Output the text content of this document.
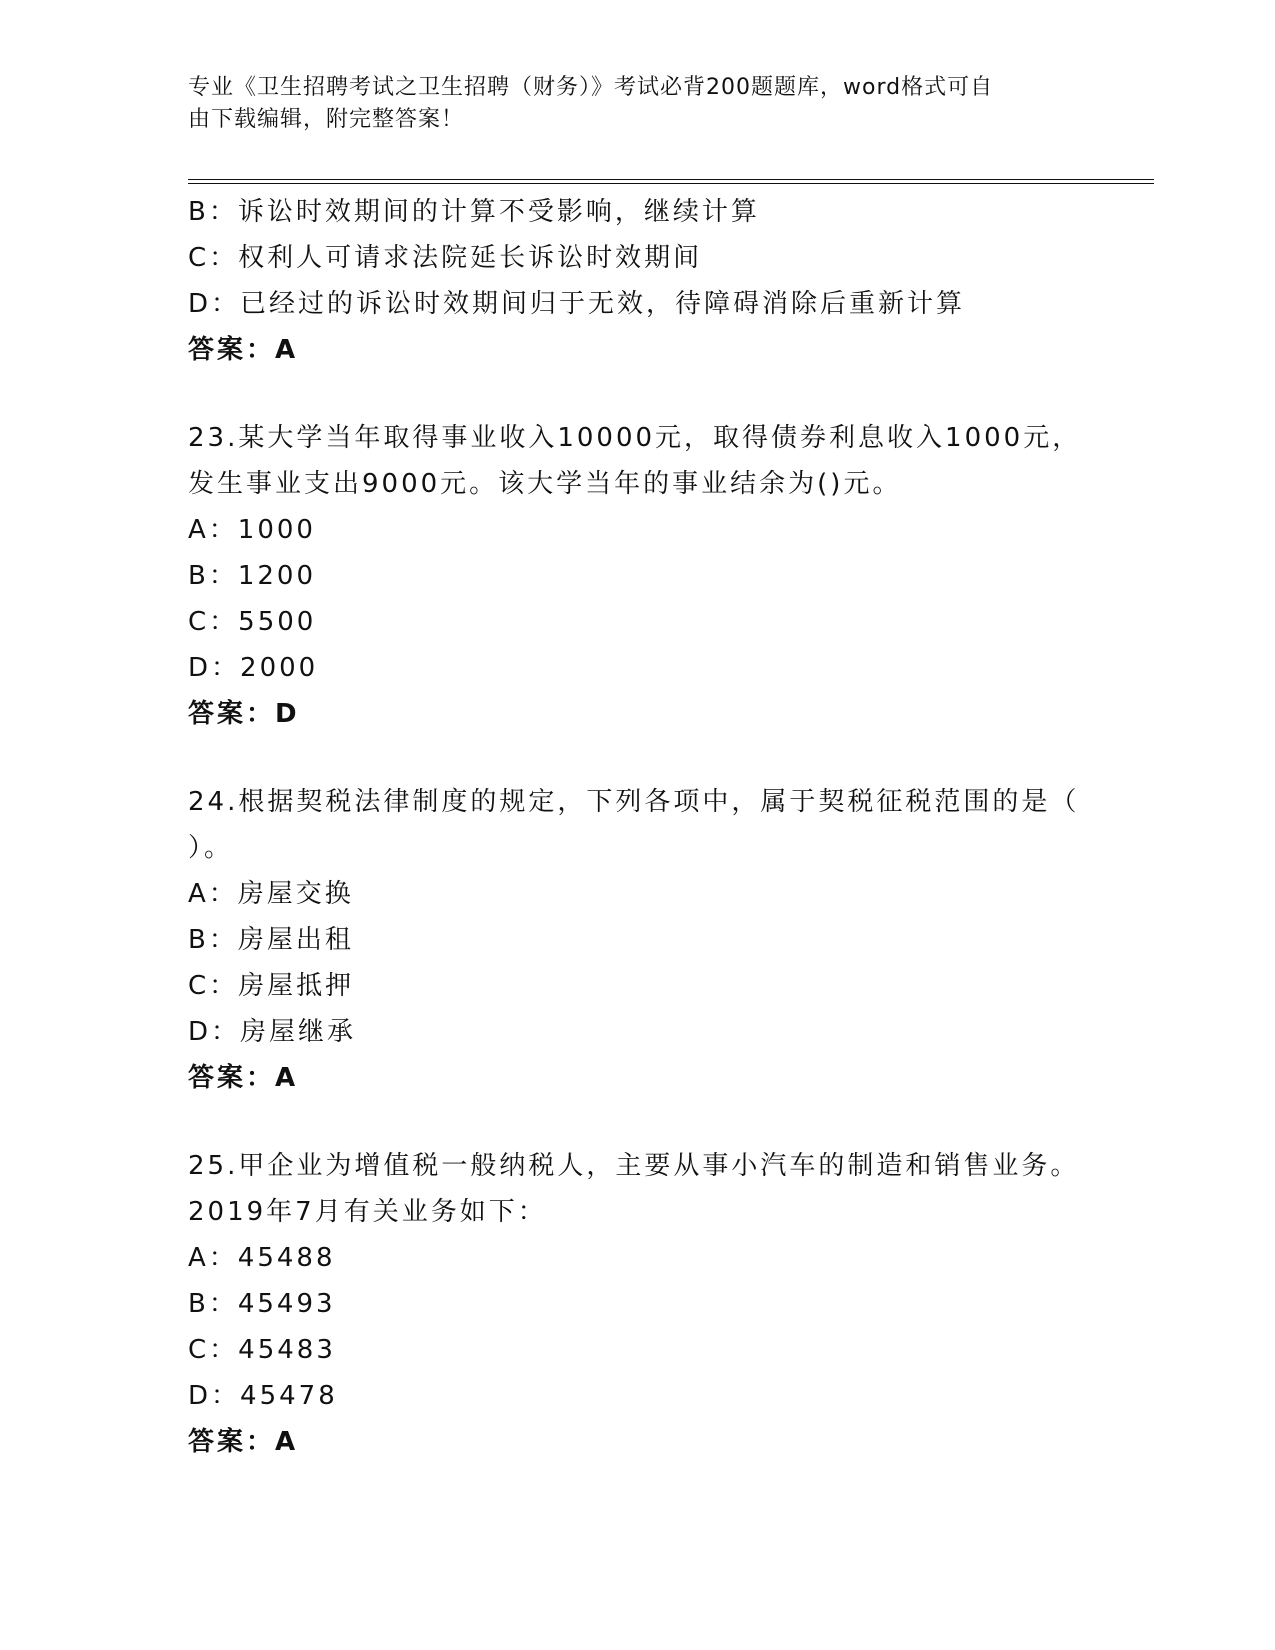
专业《卫生招聘考试之卫生招聘（财务）》考试必背200题题库，word格式可自
由下载编辑，附完整答案！
B：诉讼时效期间的计算不受影响，继续计算
C：权利人可请求法院延长诉讼时效期间
D：已经过的诉讼时效期间归于无效，待障碍消除后重新计算
答案：A
23.某大学当年取得事业收入10000元，取得债券利息收入1000元，
发生事业支出9000元。该大学当年的事业结余为()元。
A：1000
B：1200
C：5500
D：2000
答案：D
24.根据契税法律制度的规定，下列各项中，属于契税征税范围的是（
）。
A：房屋交换
B：房屋出租
C：房屋抵押
D：房屋继承
答案：A
25.甲企业为增值税一般纳税人，主要从事小汽车的制造和销售业务。
2019年7月有关业务如下：
A：45488
B：45493
C：45483
D：45478
答案：A
